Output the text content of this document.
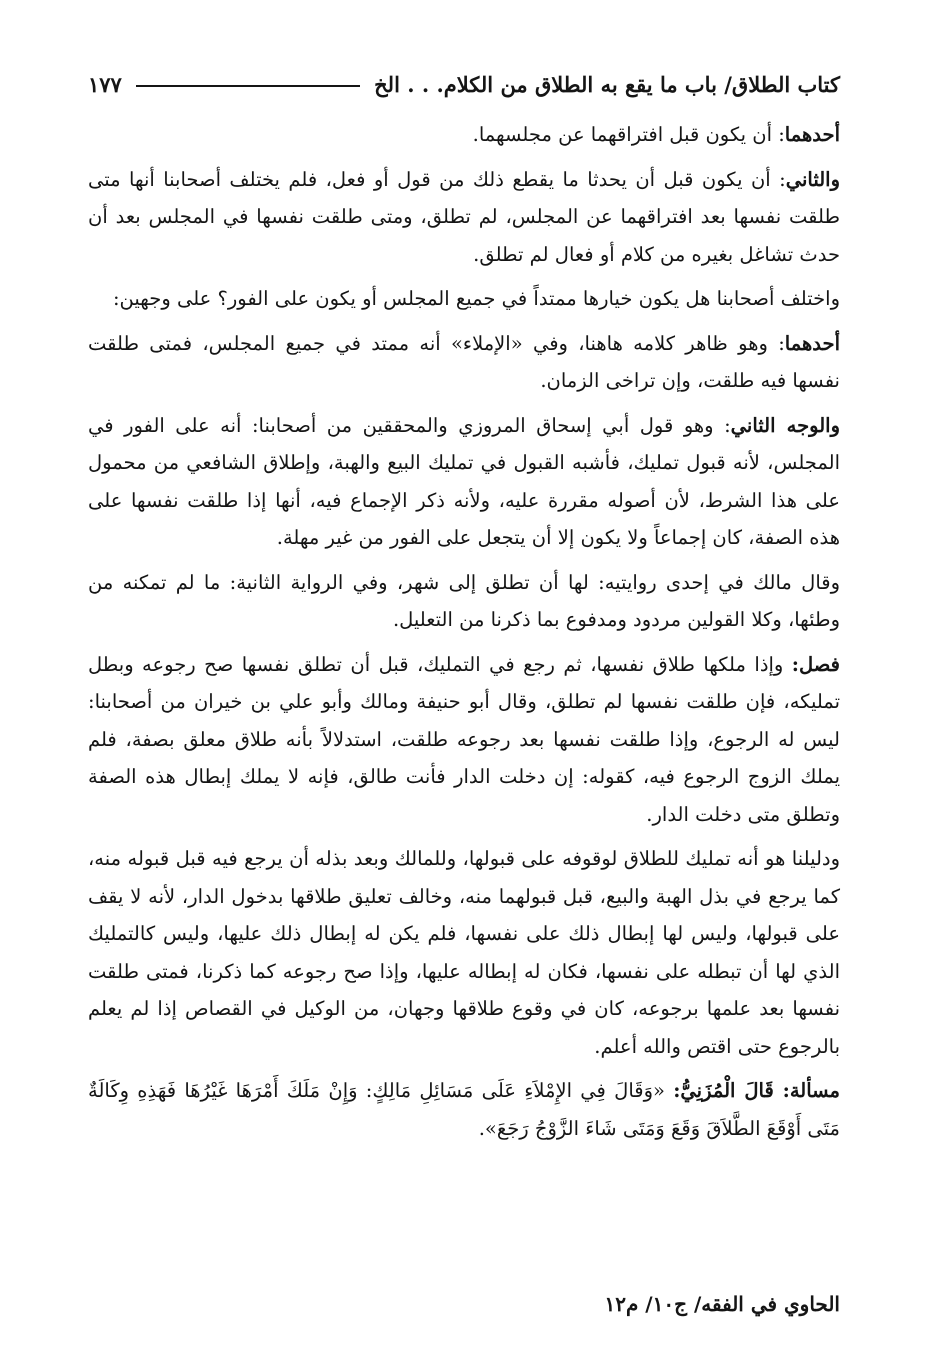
كتاب الطلاق/ باب ما يقع به الطلاق من الكلام. . . الخ
١٧٧

أحدهما: أن يكون قبل افتراقهما عن مجلسهما.

والثاني: أن يكون قبل أن يحدثا ما يقطع ذلك من قول أو فعل، فلم يختلف أصحابنا أنها متى طلقت نفسها بعد افتراقهما عن المجلس، لم تطلق، ومتى طلقت نفسها في المجلس بعد أن حدث تشاغل بغيره من كلام أو فعال لم تطلق.

واختلف أصحابنا هل يكون خيارها ممتداً في جميع المجلس أو يكون على الفور؟ على وجهين:

أحدهما: وهو ظاهر كلامه هاهنا، وفي «الإملاء» أنه ممتد في جميع المجلس، فمتى طلقت نفسها فيه طلقت، وإن تراخى الزمان.

والوجه الثاني: وهو قول أبي إسحاق المروزي والمحققين من أصحابنا: أنه على الفور في المجلس، لأنه قبول تمليك، فأشبه القبول في تمليك البيع والهبة، وإطلاق الشافعي من محمول على هذا الشرط، لأن أصوله مقررة عليه، ولأنه ذكر الإجماع فيه، أنها إذا طلقت نفسها على هذه الصفة، كان إجماعاً ولا يكون إلا أن يتجعل على الفور من غير مهلة.

وقال مالك في إحدى روايتيه: لها أن تطلق إلى شهر، وفي الرواية الثانية: ما لم تمكنه من وطئها، وكلا القولين مردود ومدفوع بما ذكرنا من التعليل.

فصل: وإذا ملكها طلاق نفسها، ثم رجع في التمليك، قبل أن تطلق نفسها صح رجوعه وبطل تمليكه، فإن طلقت نفسها لم تطلق، وقال أبو حنيفة ومالك وأبو علي بن خيران من أصحابنا: ليس له الرجوع، وإذا طلقت نفسها بعد رجوعه طلقت، استدلالاً بأنه طلاق معلق بصفة، فلم يملك الزوج الرجوع فيه، كقوله: إن دخلت الدار فأنت طالق، فإنه لا يملك إبطال هذه الصفة وتطلق متى دخلت الدار.

ودليلنا هو أنه تمليك للطلاق لوقوفه على قبولها، وللمالك وبعد بذله أن يرجع فيه قبل قبوله منه، كما يرجع في بذل الهبة والبيع، قبل قبولهما منه، وخالف تعليق طلاقها بدخول الدار، لأنه لا يقف على قبولها، وليس لها إبطال ذلك على نفسها، فلم يكن له إبطال ذلك عليها، وليس كالتمليك الذي لها أن تبطله على نفسها، فكان له إبطاله عليها، وإذا صح رجوعه كما ذكرنا، فمتى طلقت نفسها بعد علمها برجوعه، كان في وقوع طلاقها وجهان، من الوكيل في القصاص إذا لم يعلم بالرجوع حتى اقتص والله أعلم.

مسألة: قَالَ الْمُزَنِيُّ: «وَقَالَ فِي الإِمْلاَءِ عَلَى مَسَائِلِ مَالِكٍ: وَإِنْ مَلَكَ أَمْرَهَا غَيْرُهَا فَهَذِهِ وِكَالَةٌ مَتَى أَوْقَعَ الطَّلاَقَ وَقَعَ وَمَتَى شَاءَ الزَّوْجُ رَجَعَ».

الحاوي في الفقه/ ج١٠/ م١٢
